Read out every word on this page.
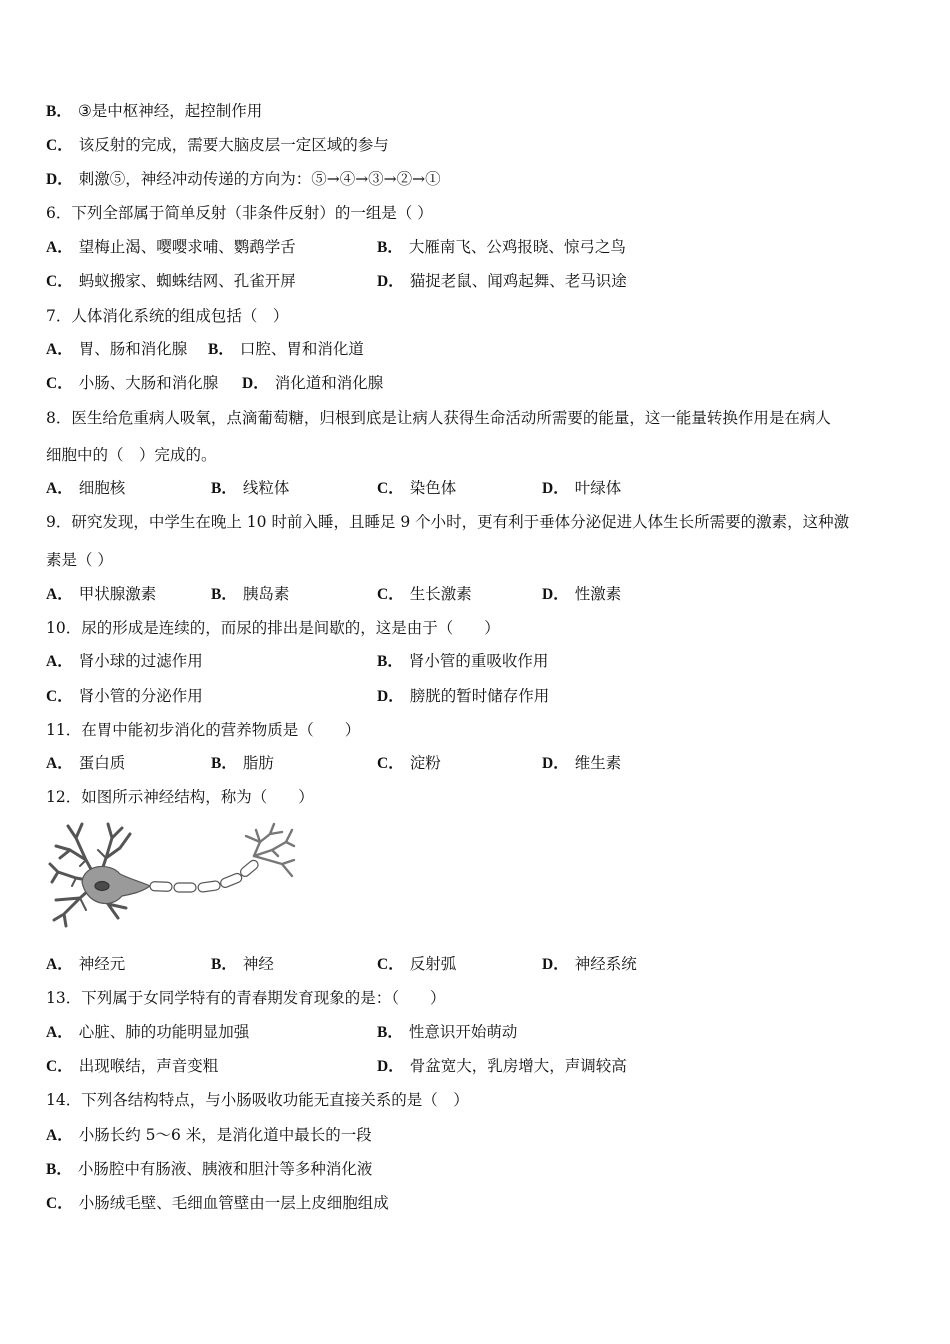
B． ③是中枢神经，起控制作用
C． 该反射的完成，需要大脑皮层一定区域的参与
D． 刺激⑤，神经冲动传递的方向为：⑤→④→③→②→①
6．下列全部属于简单反射（非条件反射）的一组是（ ）
A． 望梅止渴、嘤嘤求哺、鹦鹉学舌	B． 大雁南飞、公鸡报晓、惊弓之鸟
C． 蚂蚁搬家、蜘蛛结网、孔雀开屏	D． 猫捉老鼠、闻鸡起舞、老马识途
7．人体消化系统的组成包括（　）
A． 胃、肠和消化腺 B． 口腔、胃和消化道
C． 小肠、大肠和消化腺 D． 消化道和消化腺
8．医生给危重病人吸氧，点滴葡萄糖，归根到底是让病人获得生命活动所需要的能量，这一能量转换作用是在病人
细胞中的（　）完成的。
A． 细胞核	B． 线粒体	C． 染色体	D． 叶绿体
9．研究发现，中学生在晚上 10 时前入睡，且睡足 9 个小时，更有利于垂体分泌促进人体生长所需要的激素，这种激
素是（ ）
A． 甲状腺激素	B． 胰岛素	C． 生长激素	D． 性激素
10．尿的形成是连续的，而尿的排出是间歇的，这是由于（　　）
A． 肾小球的过滤作用	B． 肾小管的重吸收作用
C． 肾小管的分泌作用	D． 膀胱的暂时储存作用
11．在胃中能初步消化的营养物质是（　　）
A． 蛋白质	B． 脂肪	C． 淀粉	D． 维生素
12．如图所示神经结构，称为（　　）
A． 神经元	B． 神经	C． 反射弧	D． 神经系统
13．下列属于女同学特有的青春期发育现象的是：（　　）
A． 心脏、肺的功能明显加强	B． 性意识开始萌动
C． 出现喉结，声音变粗	D． 骨盆宽大，乳房增大，声调较高
14．下列各结构特点，与小肠吸收功能无直接关系的是（　）
A． 小肠长约 5～6 米，是消化道中最长的一段
B． 小肠腔中有肠液、胰液和胆汁等多种消化液
C． 小肠绒毛壁、毛细血管壁由一层上皮细胞组成
